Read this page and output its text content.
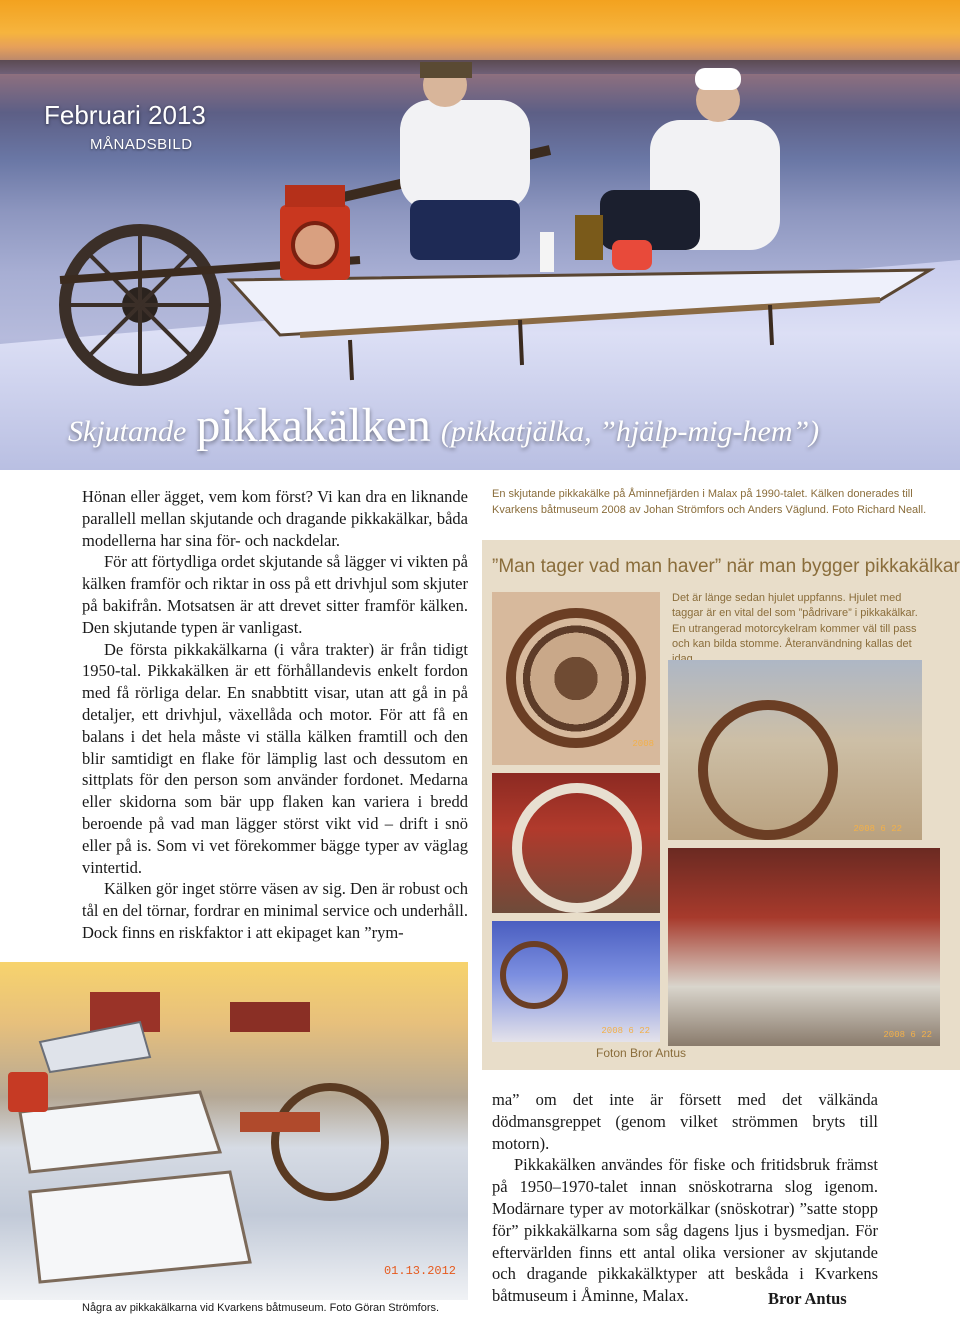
Februari 2013
MÅNADSBILD
Skjutande pikkakälken (pikkatjälka, ”hjälp-mig-hem”)

Hönan eller ägget, vem kom först? Vi kan dra en liknande parallell mellan skjutande och dragande pikkakälkar, båda modellerna har sina för- och nackdelar.

För att förtydliga ordet skjutande så lägger vi vikten på kälken framför och riktar in oss på ett drivhjul som skjuter på bakifrån. Motsatsen är att drevet sitter framför kälken. Den skjutande typen är vanligast.

De första pikkakälkarna (i våra trakter) är från tidigt 1950-tal. Pikkakälken är ett förhållandevis enkelt fordon med få rörliga delar. En snabbtitt visar, utan att gå in på detaljer, ett drivhjul, växellåda och motor. För att få en balans i det hela måste vi ställa kälken framtill och den blir samtidigt en flake för lämplig last och dessutom en sittplats för den person som använder fordonet. Medarna eller skidorna som bär upp flaken kan variera i bredd beroende på vad man lägger störst vikt vid – drift i snö eller på is. Som vi vet förekommer bägge typer av väglag vintertid.

Kälken gör inget större väsen av sig. Den är robust och tål en del törnar, fordrar en minimal service och underhåll. Dock finns en riskfaktor i att ekipaget kan ”rym-

En skjutande pikkakälke på Åminnefjärden i Malax på 1990-talet. Kälken donerades till Kvarkens båtmuseum 2008 av Johan Strömfors och Anders Väglund. Foto Richard Neall.
”Man tager vad man haver” när man bygger pikkakälkar
Det är länge sedan hjulet uppfanns. Hjulet med taggar är en vital del som ”pådrivare” i pikkakälkar. En utrangerad motorcykelram kommer väl till pass och kan bilda stomme. Återanvändning kallas det
2008
2008 6 22
2008 6 22
2008 6 22
Foton Bror Antus
01.13.2012
Några av pikkakälkarna vid Kvarkens båtmuseum. Foto Göran Strömfors.

ma” om det inte är försett med det välkända dödmansgreppet (genom vilket strömmen bryts till motorn).

Pikkakälken användes för fiske och fritidsbruk främst på 1950–1970-talet innan snöskotrarna slog igenom. Modärnare typer av motorkälkar (snöskotrar) ”satte stopp för” pikkakälkarna som såg dagens ljus i bysmedjan. För eftervärlden finns ett antal olika versioner av skjutande och dragande pikkakälktyper att beskåda i Kvarkens båtmuseum i Åminne, Malax.	Bror Antus
